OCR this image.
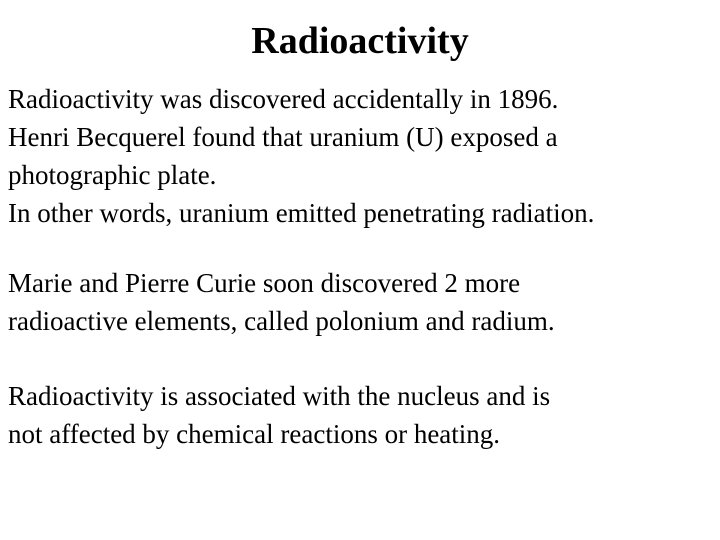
Radioactivity
Radioactivity was discovered accidentally in 1896.
Henri Becquerel found that uranium (U) exposed a
photographic plate.
In other words, uranium emitted penetrating radiation.
Marie and Pierre Curie soon discovered 2 more
radioactive elements, called polonium and radium.
Radioactivity is associated with the nucleus and is
not affected by chemical reactions or heating.
